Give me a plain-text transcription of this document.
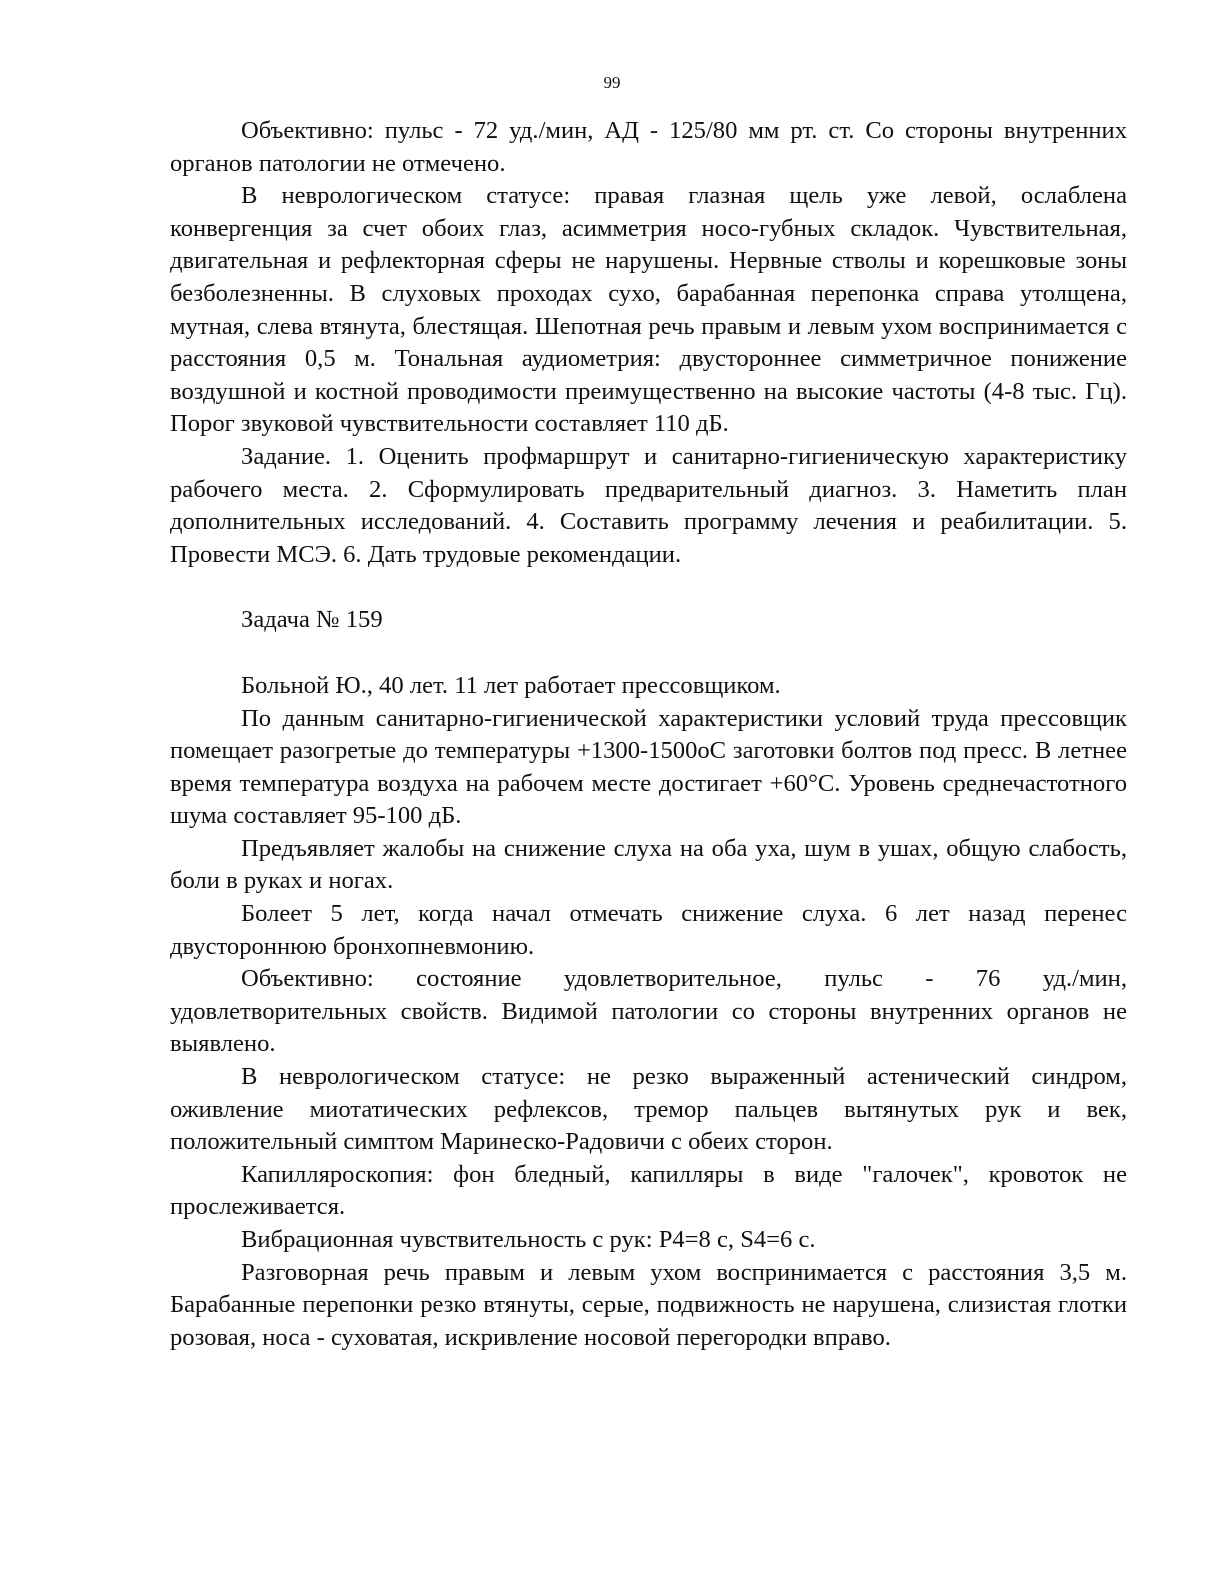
99

Объективно: пульс - 72 уд./мин, АД - 125/80 мм рт. ст. Со стороны внутренних органов патологии не отмечено.

В неврологическом статусе: правая глазная щель уже левой, ослаблена конвергенция за счет обоих глаз, асимметрия носо-губных складок. Чувствительная, двигательная и рефлекторная сферы не нарушены. Нервные стволы и корешковые зоны безболезненны. В слуховых проходах сухо, барабанная перепонка справа утолщена, мутная, слева втянута, блестящая. Шепотная речь правым и левым ухом воспринимается с расстояния 0,5 м. Тональная аудиометрия: двустороннее симметричное понижение воздушной и костной проводимости преимущественно на высокие частоты (4-8 тыс. Гц). Порог звуковой чувствительности составляет 110 дБ.

Задание. 1. Оценить профмаршрут и санитарно-гигиеническую характеристику рабочего места. 2. Сформулировать предварительный диагноз. 3. Наметить план дополнительных исследований. 4. Составить программу лечения и реабилитации. 5. Провести МСЭ. 6. Дать трудовые рекомендации.

Задача № 159

Больной Ю., 40 лет. 11 лет работает прессовщиком.

По данным санитарно-гигиенической характеристики условий труда прессовщик помещает разогретые до температуры +1300-1500оС заготовки болтов под пресс. В летнее время температура воздуха на рабочем месте достигает +60°С. Уровень среднечастотного шума составляет 95-100 дБ.

Предъявляет жалобы на снижение слуха на оба уха, шум в ушах, общую слабость, боли в руках и ногах.

Болеет 5 лет, когда начал отмечать снижение слуха. 6 лет назад перенес двустороннюю бронхопневмонию.

Объективно: состояние удовлетворительное, пульс - 76 уд./мин, удовлетворительных свойств. Видимой патологии со стороны внутренних органов не выявлено.

В неврологическом статусе: не резко выраженный астенический синдром, оживление миотатических рефлексов, тремор пальцев вытянутых рук и век, положительный симптом Маринеско-Радовичи с обеих сторон.

Капилляроскопия: фон бледный, капилляры в виде "галочек", кровоток не прослеживается.

Вибрационная чувствительность с рук: Р4=8 с, S4=6 с.

Разговорная речь правым и левым ухом воспринимается с расстояния 3,5 м. Барабанные перепонки резко втянуты, серые, подвижность не нарушена, слизистая глотки розовая, носа - суховатая, искривление носовой перегородки вправо.
